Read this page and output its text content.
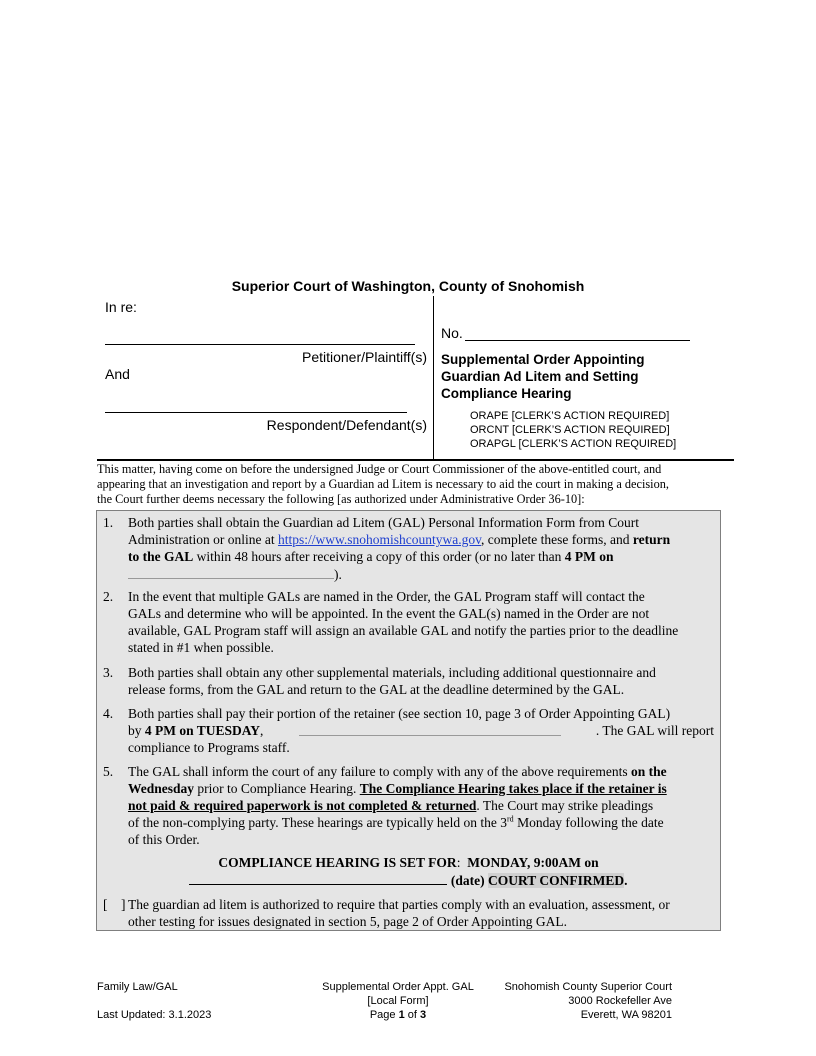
Superior Court of Washington, County of Snohomish
In re:
Petitioner/Plaintiff(s)
And
Respondent/Defendant(s)
No.
Supplemental Order Appointing
Guardian Ad Litem and Setting
Compliance Hearing
ORAPE [CLERK’S ACTION REQUIRED]
ORCNT [CLERK’S ACTION REQUIRED]
ORAPGL [CLERK’S ACTION REQUIRED]
This matter, having come on before the undersigned Judge or Court Commissioner of the above-entitled court, and
appearing that an investigation and report by a Guardian ad Litem is necessary to aid the court in making a decision,
the Court further deems necessary the following [as authorized under Administrative Order 36-10]:
1. Both parties shall obtain the Guardian ad Litem (GAL) Personal Information Form from Court
Administration or online at https://www.snohomishcountywa.gov, complete these forms, and return
to the GAL within 48 hours after receiving a copy of this order (or no later than 4 PM on
).
2. In the event that multiple GALs are named in the Order, the GAL Program staff will contact the
GALs and determine who will be appointed. In the event the GAL(s) named in the Order are not
available, GAL Program staff will assign an available GAL and notify the parties prior to the deadline
stated in #1 when possible.
3. Both parties shall obtain any other supplemental materials, including additional questionnaire and
release forms, from the GAL and return to the GAL at the deadline determined by the GAL.
4. Both parties shall pay their portion of the retainer (see section 10, page 3 of Order Appointing GAL)
by 4 PM on TUESDAY,	. The GAL will report
compliance to Programs staff.
5. The GAL shall inform the court of any failure to comply with any of the above requirements on the
Wednesday prior to Compliance Hearing. The Compliance Hearing takes place if the retainer is
not paid & required paperwork is not completed & returned. The Court may strike pleadings
of the non-complying party. These hearings are typically held on the 3rd Monday following the date
of this Order.
COMPLIANCE HEARING IS SET FOR: MONDAY, 9:00AM on
(date) COURT CONFIRMED.
[    ] The guardian ad litem is authorized to require that parties comply with an evaluation, assessment, or
other testing for issues designated in section 5, page 2 of Order Appointing GAL.
Family Law/GAL
Last Updated: 3.1.2023
Supplemental Order Appt. GAL
[Local Form]
Page 1 of 3
Snohomish County Superior Court
3000 Rockefeller Ave
Everett, WA 98201
